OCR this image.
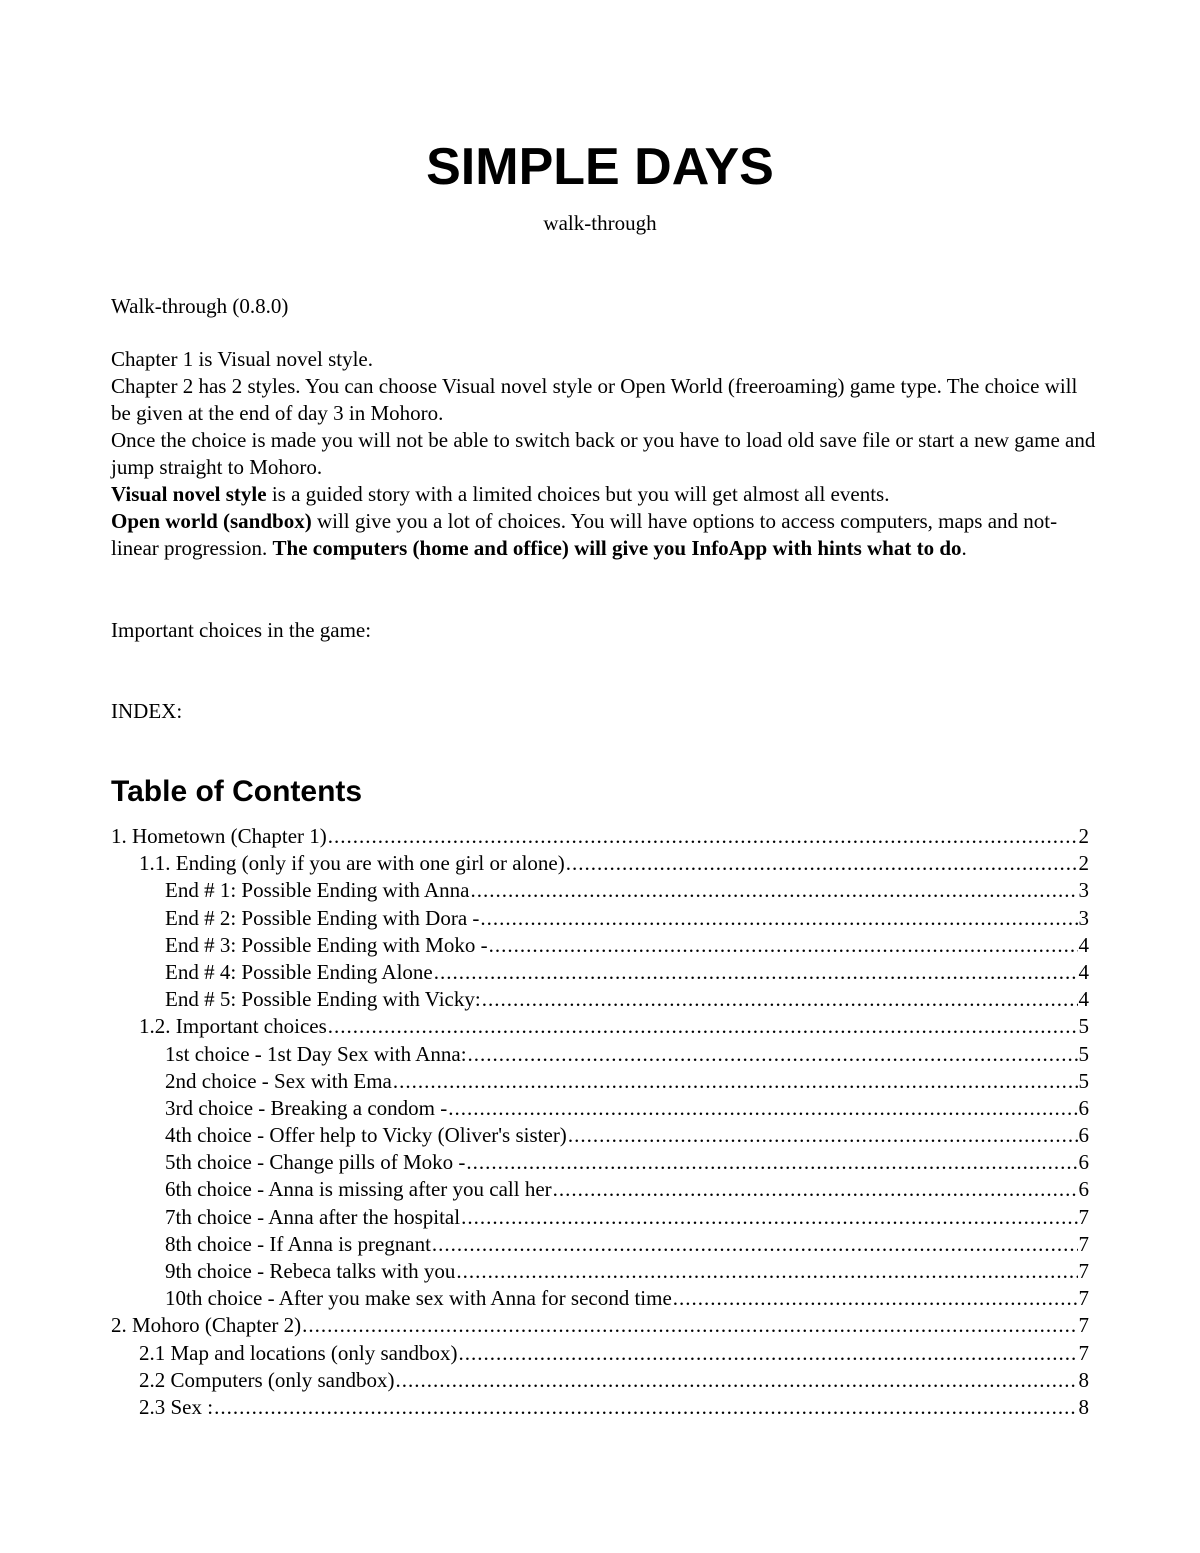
SIMPLE DAYS
walk-through
Walk-through (0.8.0)

Chapter 1 is Visual novel style.

Chapter 2 has 2 styles. You can choose Visual novel style or Open World (freeroaming) game type. The choice will be given at the end of day 3 in Mohoro.

Once the choice is made you will not be able to switch back or you have to load old save file or start a new game and jump straight to Mohoro.

Visual novel style is a guided story with a limited choices but you will get almost all events.

Open world (sandbox) will give you a lot of choices. You will have options to access computers, maps and not-linear progression. The computers (home and office) will give you InfoApp with hints what to do.

Important choices in the game:
INDEX:
Table of Contents
1. Hometown (Chapter 1) .....	2
1.1. Ending (only if you are with one girl or alone) .....	2
End # 1: Possible Ending with Anna .....	3
End # 2: Possible Ending with Dora - .....	3
End # 3: Possible Ending with Moko - .....	4
End # 4: Possible Ending Alone .....	4
End # 5: Possible Ending with Vicky: .....	4
1.2. Important choices .....	5
1st choice - 1st Day Sex with Anna: .....	5
2nd choice - Sex with Ema .....	5
3rd choice - Breaking a condom - .....	6
4th choice - Offer help to Vicky (Oliver's sister) .....	6
5th choice - Change pills of Moko - .....	6
6th choice - Anna is missing after you call her .....	6
7th choice - Anna after the hospital .....	7
8th choice - If Anna is pregnant .....	7
9th choice - Rebeca talks with you .....	7
10th choice - After you make sex with Anna for second time .....	7
2. Mohoro (Chapter 2) .....	7
2.1 Map and locations (only sandbox) .....	7
2.2 Computers (only sandbox) .....	8
2.3 Sex : .....	8
